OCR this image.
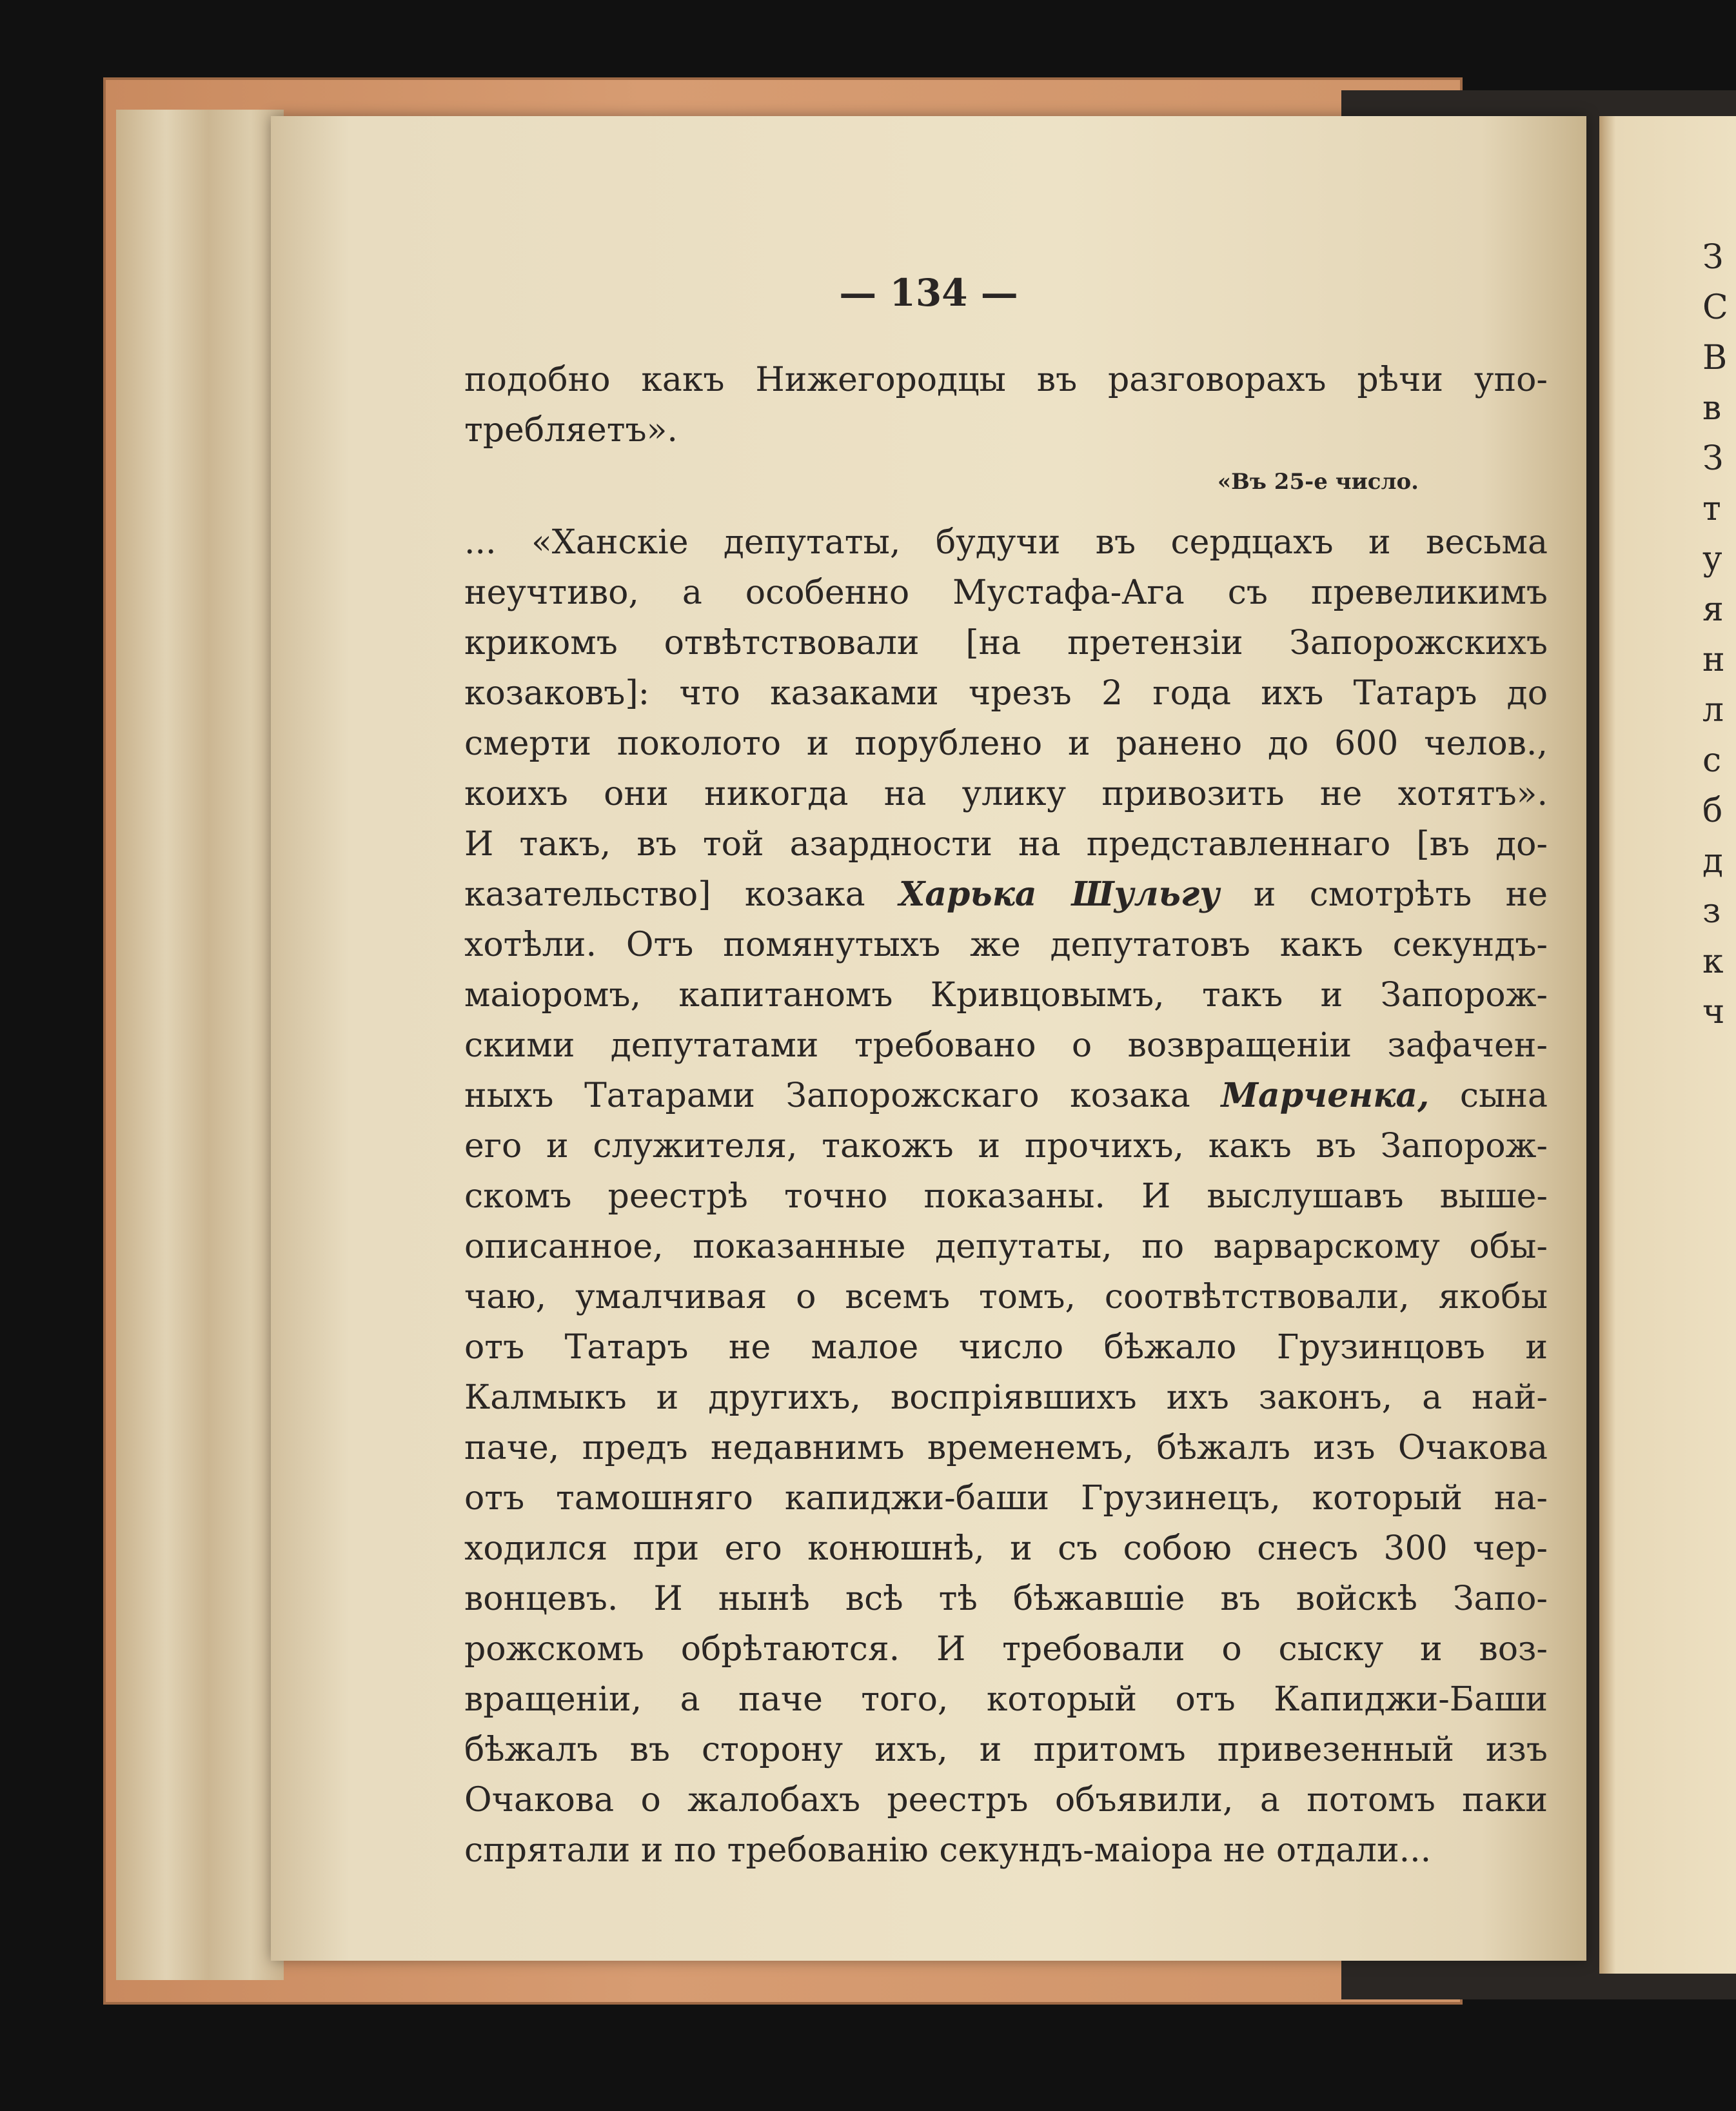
З
С
В
в
З
т
у
я
н
л
с
б
д
з
к
ч
— 134 —
подобно какъ Нижегородцы въ разговорахъ рѣчи упо-
требляетъ».
«Въ 25-е число.
... «Ханскіе депутаты, будучи въ сердцахъ и весьма
неучтиво, а особенно Мустафа-Ага съ превеликимъ
крикомъ отвѣтствовали [на претензіи Запорожскихъ
козаковъ]: что казаками чрезъ 2 года ихъ Татаръ до
смерти поколото и порублено и ранено до 600 челов.,
коихъ они никогда на улику привозить не хотятъ».
И такъ, въ той азардности на представленнаго [въ до-
казательство] козака Харька Шульгу и смотрѣть не
хотѣли. Отъ помянутыхъ же депутатовъ какъ секундъ-
маіоромъ, капитаномъ Кривцовымъ, такъ и Запорож-
скими депутатами требовано о возвращеніи зафачен-
ныхъ Татарами Запорожскаго козака Марченка, сына
его и служителя, такожъ и прочихъ, какъ въ Запорож-
скомъ реестрѣ точно показаны. И выслушавъ выше-
описанное, показанные депутаты, по варварскому обы-
чаю, умалчивая о всемъ томъ, соотвѣтствовали, якобы
отъ Татаръ не малое число бѣжало Грузинцовъ и
Калмыкъ и другихъ, воспріявшихъ ихъ законъ, а най-
паче, предъ недавнимъ временемъ, бѣжалъ изъ Очакова
отъ тамошняго капиджи-баши Грузинецъ, который на-
ходился при его конюшнѣ, и съ собою снесъ 300 чер-
вонцевъ. И нынѣ всѣ тѣ бѣжавшіе въ войскѣ Запо-
рожскомъ обрѣтаются. И требовали о сыску и воз-
вращеніи, а паче того, который отъ Капиджи-Баши
бѣжалъ въ сторону ихъ, и притомъ привезенный изъ
Очакова о жалобахъ реестръ объявили, а потомъ паки
спрятали и по требованію секундъ-маіора не отдали...
